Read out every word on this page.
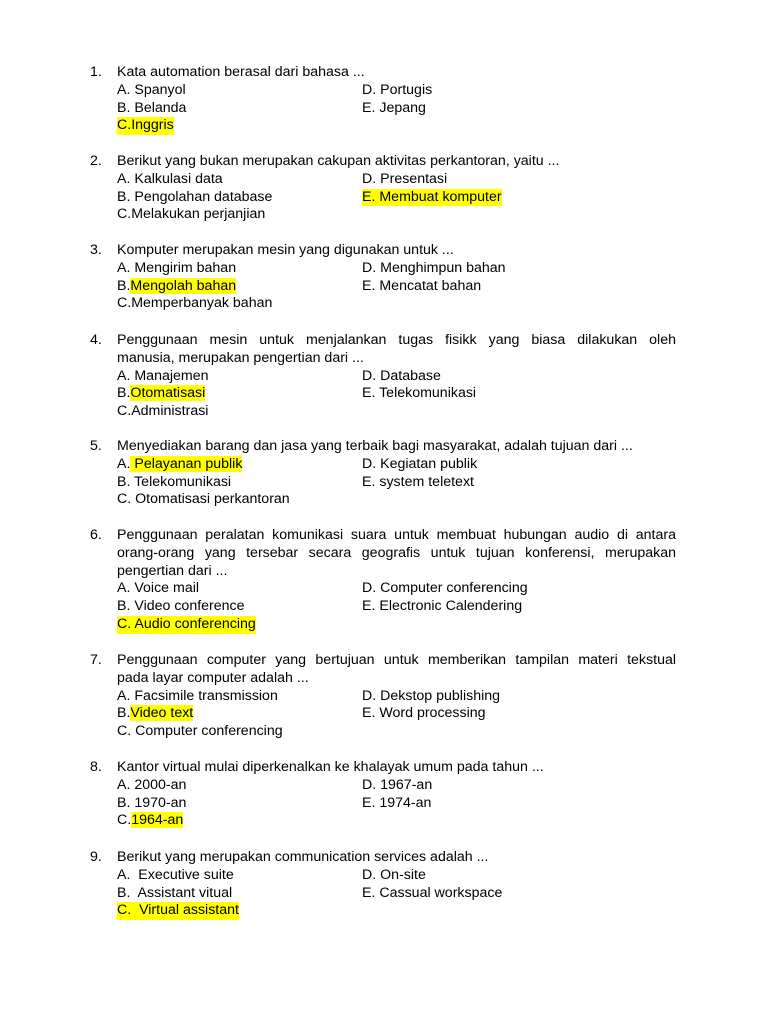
1. Kata automation berasal dari bahasa ...
A. Spanyol	D. Portugis
B. Belanda	E. Jepang
C.Inggris
2. Berikut yang bukan merupakan cakupan aktivitas perkantoran, yaitu ...
A. Kalkulasi data	D. Presentasi
B. Pengolahan database	E. Membuat komputer
C.Melakukan perjanjian
3. Komputer merupakan mesin yang digunakan untuk ...
A. Mengirim bahan	D. Menghimpun bahan
B.Mengolah bahan	E. Mencatat bahan
C.Memperbanyak bahan
4. Penggunaan mesin untuk menjalankan tugas fisikk yang biasa dilakukan oleh
manusia, merupakan pengertian dari ...
A. Manajemen	D. Database
B.Otomatisasi	E. Telekomunikasi
C.Administrasi
5. Menyediakan barang dan jasa yang terbaik bagi masyarakat, adalah tujuan dari ...
A. Pelayanan publik	D. Kegiatan publik
B. Telekomunikasi	E. system teletext
C. Otomatisasi perkantoran
6. Penggunaan peralatan komunikasi suara untuk membuat hubungan audio di antara
orang-orang yang tersebar secara geografis untuk tujuan konferensi, merupakan
pengertian dari ...
A. Voice mail	D. Computer conferencing
B. Video conference	E. Electronic Calendering
C. Audio conferencing
7. Penggunaan computer yang bertujuan untuk memberikan tampilan materi tekstual
pada layar computer adalah ...
A. Facsimile transmission	D. Dekstop publishing
B.Video text	E. Word processing
C. Computer conferencing
8. Kantor virtual mulai diperkenalkan ke khalayak umum pada tahun ...
A. 2000-an	D. 1967-an
B. 1970-an	E. 1974-an
C.1964-an
9. Berikut yang merupakan communication services adalah ...
A. Executive suite	D. On-site
B. Assistant vitual	E. Cassual workspace
C. Virtual assistant
